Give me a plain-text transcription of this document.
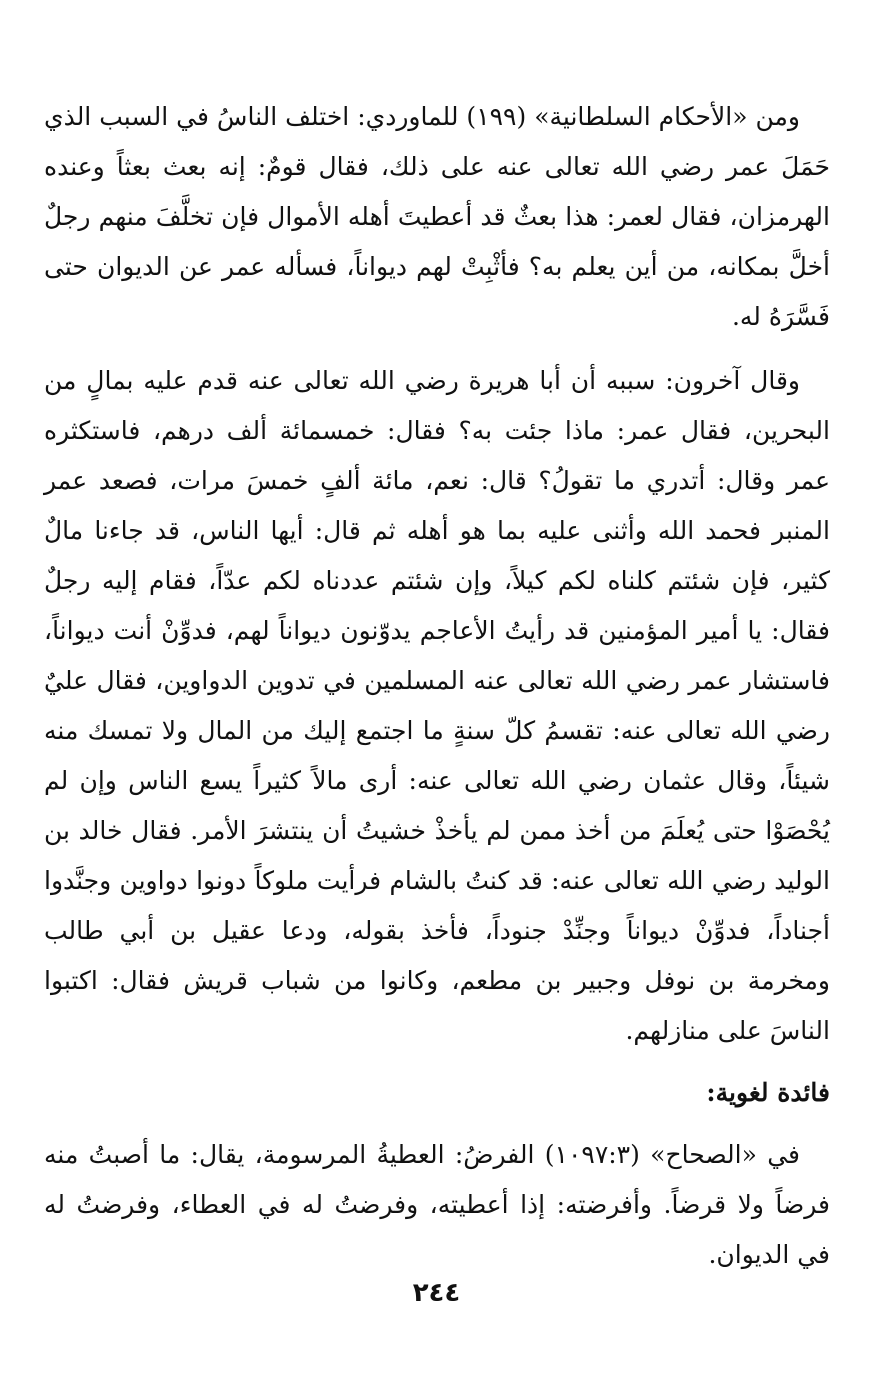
ومن «الأحكام السلطانية» (١٩٩) للماوردي: اختلف الناسُ في السبب الذي حَمَلَ عمر رضي الله تعالى عنه على ذلك، فقال قومٌ: إنه بعث بعثاً وعنده الهرمزان، فقال لعمر: هذا بعثٌ قد أعطيتَ أهله الأموال فإن تخلَّفَ منهم رجلٌ أخلَّ بمكانه، من أين يعلم به؟ فأثْبِتْ لهم ديواناً، فسأله عمر عن الديوان حتى فَسَّرَهُ له.

وقال آخرون: سببه أن أبا هريرة رضي الله تعالى عنه قدم عليه بمالٍ من البحرين، فقال عمر: ماذا جئت به؟ فقال: خمسمائة ألف درهم، فاستكثره عمر وقال: أتدري ما تقولُ؟ قال: نعم، مائة ألفٍ خمسَ مرات، فصعد عمر المنبر فحمد الله وأثنى عليه بما هو أهله ثم قال: أيها الناس، قد جاءنا مالٌ كثير، فإن شئتم كلناه لكم كيلاً، وإن شئتم عددناه لكم عدّاً، فقام إليه رجلٌ فقال: يا أمير المؤمنين قد رأيتُ الأعاجم يدوّنون ديواناً لهم، فدوِّنْ أنت ديواناً، فاستشار عمر رضي الله تعالى عنه المسلمين في تدوين الدواوين، فقال عليٌ رضي الله تعالى عنه: تقسمُ كلّ سنةٍ ما اجتمع إليك من المال ولا تمسك منه شيئاً، وقال عثمان رضي الله تعالى عنه: أرى مالاً كثيراً يسع الناس وإن لم يُحْصَوْا حتى يُعلَمَ من أخذ ممن لم يأخذْ خشيتُ أن ينتشرَ الأمر. فقال خالد بن الوليد رضي الله تعالى عنه: قد كنتُ بالشام فرأيت ملوكاً دونوا دواوين وجنَّدوا أجناداً، فدوِّنْ ديواناً وجنِّدْ جنوداً، فأخذ بقوله، ودعا عقيل بن أبي طالب ومخرمة بن نوفل وجبير بن مطعم، وكانوا من شباب قريش فقال: اكتبوا الناسَ على منازلهم.

فائدة لغوية:

في «الصحاح» (١٠٩٧:٣) الفرضُ: العطيةُ المرسومة، يقال: ما أصبتُ منه فرضاً ولا قرضاً. وأفرضته: إذا أعطيته، وفرضتُ له في العطاء، وفرضتُ له في الديوان.

٢٤٤
